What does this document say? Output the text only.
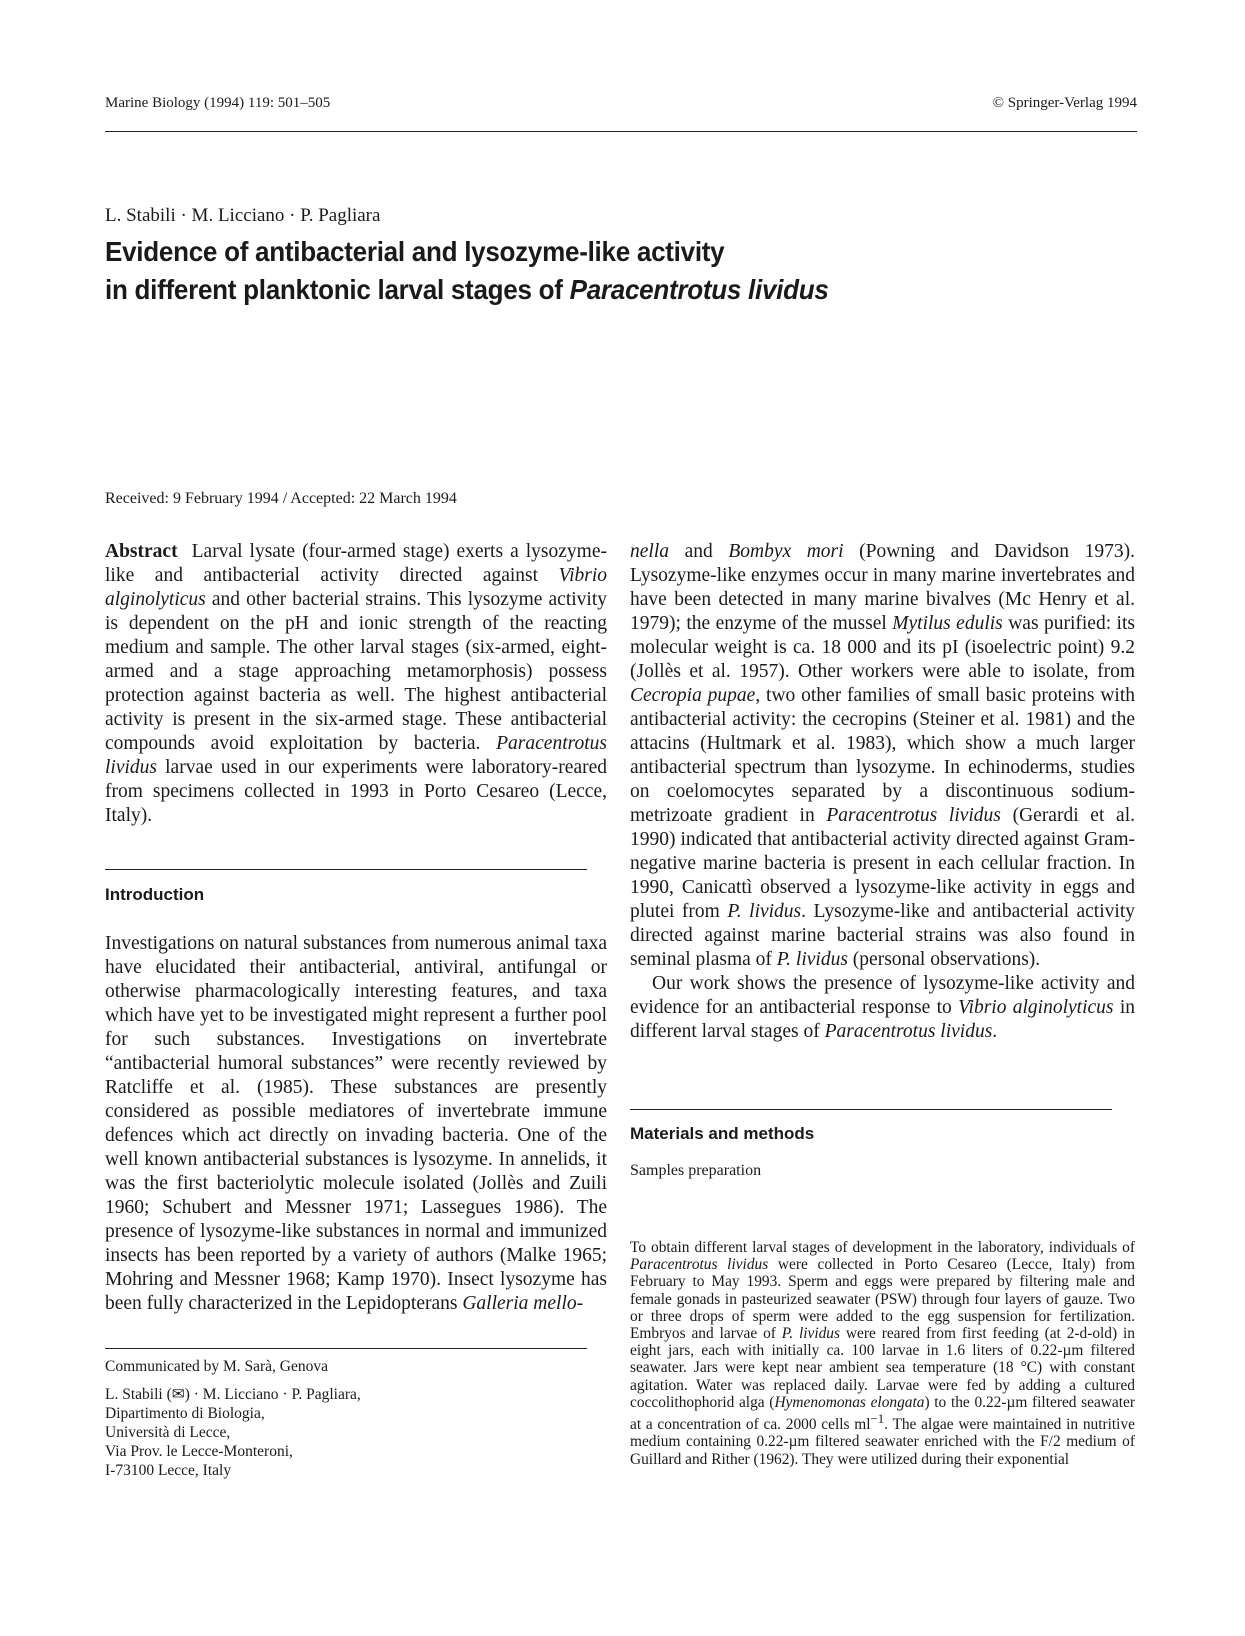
Marine Biology (1994) 119: 501–505	© Springer-Verlag 1994
L. Stabili · M. Licciano · P. Pagliara
Evidence of antibacterial and lysozyme-like activity
in different planktonic larval stages of Paracentrotus lividus
Received: 9 February 1994 / Accepted: 22 March 1994

Abstract Larval lysate (four-armed stage) exerts a lysozyme-like and antibacterial activity directed against Vibrio alginolyticus and other bacterial strains. This lysozyme activity is dependent on the pH and ionic strength of the reacting medium and sample. The other larval stages (six-armed, eight-armed and a stage approaching metamorphosis) possess protection against bacteria as well. The highest antibacterial activity is present in the six-armed stage. These antibacterial compounds avoid exploitation by bacteria. Paracentrotus lividus larvae used in our experiments were laboratory-reared from specimens collected in 1993 in Porto Cesareo (Lecce, Italy).

Introduction

Investigations on natural substances from numerous animal taxa have elucidated their antibacterial, antiviral, antifungal or otherwise pharmacologically interesting features, and taxa which have yet to be investigated might represent a further pool for such substances. Investigations on invertebrate “antibacterial humoral substances” were recently reviewed by Ratcliffe et al. (1985). These substances are presently considered as possible mediatores of invertebrate immune defences which act directly on invading bacteria. One of the well known antibacterial substances is lysozyme. In annelids, it was the first bacteriolytic molecule isolated (Jollès and Zuili 1960; Schubert and Messner 1971; Lassegues 1986). The presence of lysozyme-like substances in normal and immunized insects has been reported by a variety of authors (Malke 1965; Mohring and Messner 1968; Kamp 1970). Insect lysozyme has been fully characterized in the Lepidopterans Galleria mello-

Communicated by M. Sarà, Genova
L. Stabili (✉) · M. Licciano · P. Pagliara,
Dipartimento di Biologia,
Università di Lecce,
Via Prov. le Lecce-Monteroni,
I-73100 Lecce, Italy

nella and Bombyx mori (Powning and Davidson 1973). Lysozyme-like enzymes occur in many marine invertebrates and have been detected in many marine bivalves (Mc Henry et al. 1979); the enzyme of the mussel Mytilus edulis was purified: its molecular weight is ca. 18 000 and its pI (isoelectric point) 9.2 (Jollès et al. 1957). Other workers were able to isolate, from Cecropia pupae, two other families of small basic proteins with antibacterial activity: the cecropins (Steiner et al. 1981) and the attacins (Hultmark et al. 1983), which show a much larger antibacterial spectrum than lysozyme. In echinoderms, studies on coelomocytes separated by a discontinuous sodium-metrizoate gradient in Paracentrotus lividus (Gerardi et al. 1990) indicated that antibacterial activity directed against Gram-negative marine bacteria is present in each cellular fraction. In 1990, Canicattì observed a lysozyme-like activity in eggs and plutei from P. lividus. Lysozyme-like and antibacterial activity directed against marine bacterial strains was also found in seminal plasma of P. lividus (personal observations).

Our work shows the presence of lysozyme-like activity and evidence for an antibacterial response to Vibrio alginolyticus in different larval stages of Paracentrotus lividus.

Materials and methods
Samples preparation

To obtain different larval stages of development in the laboratory, individuals of Paracentrotus lividus were collected in Porto Cesareo (Lecce, Italy) from February to May 1993. Sperm and eggs were prepared by filtering male and female gonads in pasteurized seawater (PSW) through four layers of gauze. Two or three drops of sperm were added to the egg suspension for fertilization. Embryos and larvae of P. lividus were reared from first feeding (at 2-d-old) in eight jars, each with initially ca. 100 larvae in 1.6 liters of 0.22-µm filtered seawater. Jars were kept near ambient sea temperature (18 °C) with constant agitation. Water was replaced daily. Larvae were fed by adding a cultured coccolithophorid alga (Hymenomonas elongata) to the 0.22-µm filtered seawater at a concentration of ca. 2000 cells $ml^{-1}$. The algae were maintained in nutritive medium containing 0.22-µm filtered seawater enriched with the F/2 medium of Guillard and Rither (1962). They were utilized during their exponential
